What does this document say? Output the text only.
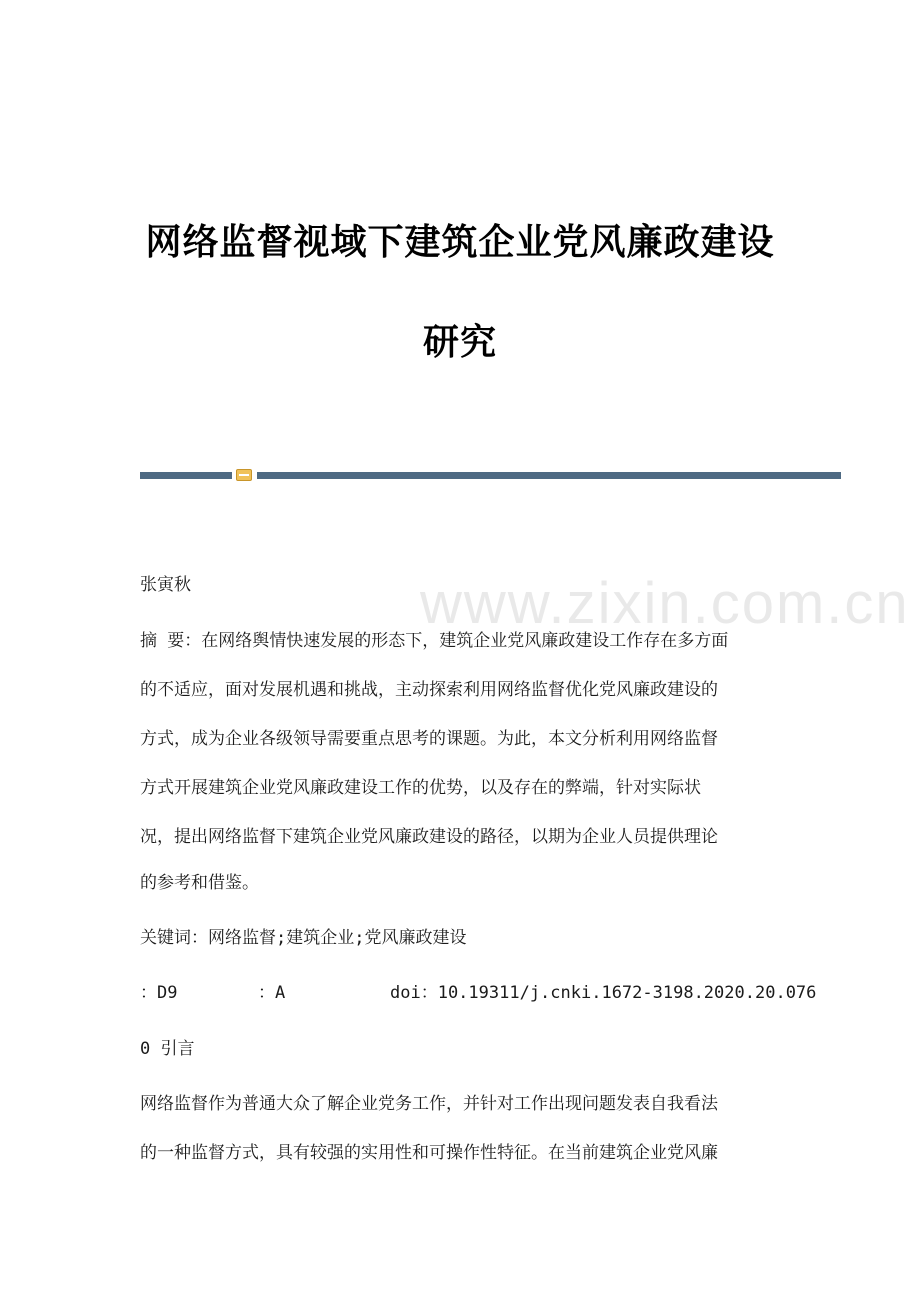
www.zixin.com.cn
网络监督视域下建筑企业党风廉政建设
研究
张寅秋
摘 要：在网络舆情快速发展的形态下，建筑企业党风廉政建设工作存在多方面
的不适应，面对发展机遇和挑战，主动探索利用网络监督优化党风廉政建设的
方式，成为企业各级领导需要重点思考的课题。为此，本文分析利用网络监督
方式开展建筑企业党风廉政建设工作的优势，以及存在的弊端，针对实际状
况，提出网络监督下建筑企业党风廉政建设的路径，以期为企业人员提供理论
的参考和借鉴。
关键词：网络监督;建筑企业;党风廉政建设
：D9	：A	doi：10.19311/j.cnki.1672-3198.2020.20.076
0 引言
网络监督作为普通大众了解企业党务工作，并针对工作出现问题发表自我看法
的一种监督方式，具有较强的实用性和可操作性特征。在当前建筑企业党风廉
